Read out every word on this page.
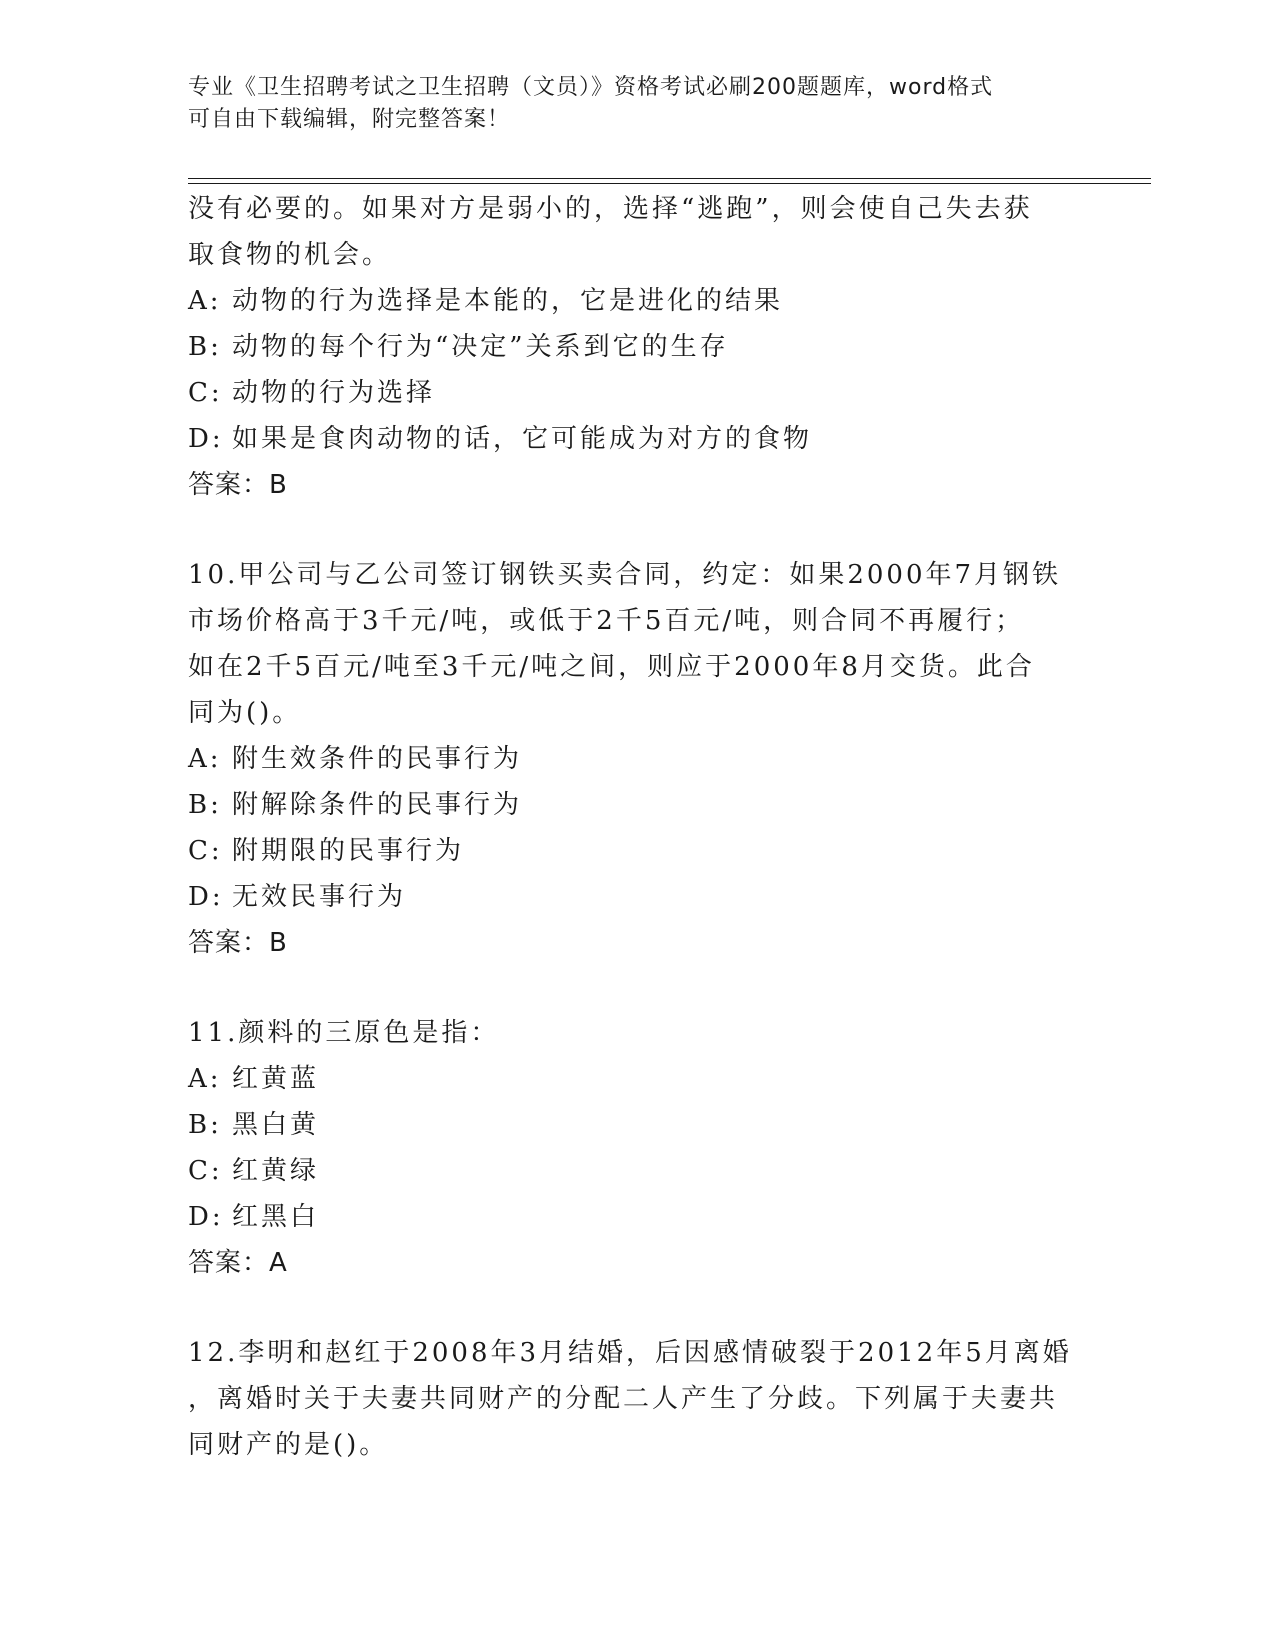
专业《卫生招聘考试之卫生招聘（文员）》资格考试必刷200题题库，word格式
可自由下载编辑，附完整答案！
没有必要的。如果对方是弱小的，选择“逃跑”，则会使自己失去获
取食物的机会。
A: 动物的行为选择是本能的，它是进化的结果
B: 动物的每个行为“决定”关系到它的生存
C: 动物的行为选择
D: 如果是食肉动物的话，它可能成为对方的食物
答案：B
10.甲公司与乙公司签订钢铁买卖合同，约定：如果2000年7月钢铁
市场价格高于3千元/吨，或低于2千5百元/吨，则合同不再履行；
如在2千5百元/吨至3千元/吨之间，则应于2000年8月交货。此合
同为()。
A: 附生效条件的民事行为
B: 附解除条件的民事行为
C: 附期限的民事行为
D: 无效民事行为
答案：B
11.颜料的三原色是指：
A: 红黄蓝
B: 黑白黄
C: 红黄绿
D: 红黑白
答案：A
12.李明和赵红于2008年3月结婚，后因感情破裂于2012年5月离婚
，离婚时关于夫妻共同财产的分配二人产生了分歧。下列属于夫妻共
同财产的是()。
